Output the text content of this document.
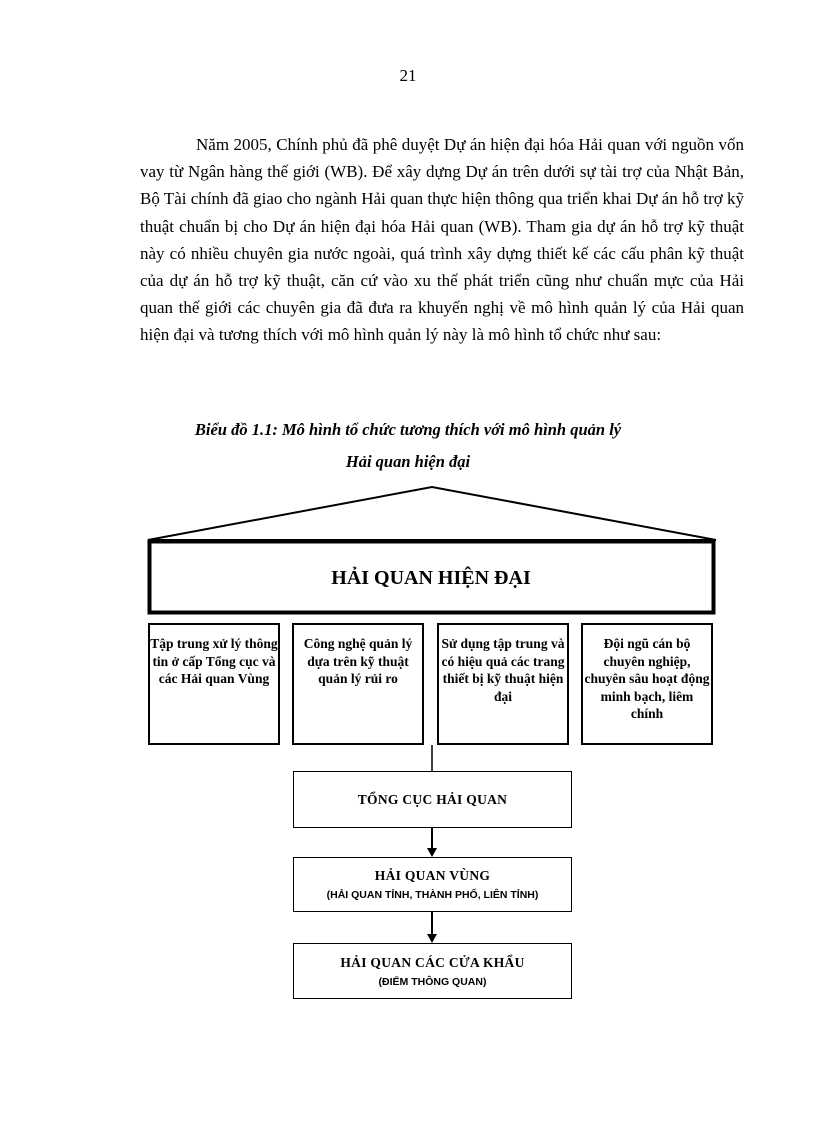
21

Năm 2005, Chính phủ đã phê duyệt Dự án hiện đại hóa Hải quan với nguồn vốn vay từ Ngân hàng thế giới (WB). Để xây dựng Dự án trên dưới sự tài trợ của Nhật Bản, Bộ Tài chính đã giao cho ngành Hải quan thực hiện thông qua triển khai Dự án hỗ trợ kỹ thuật chuẩn bị cho Dự án hiện đại hóa Hải quan (WB). Tham gia dự án hỗ trợ kỹ thuật này có nhiều chuyên gia nước ngoài, quá trình xây dựng thiết kế các cấu phân kỹ thuật của dự án hỗ trợ kỹ thuật, căn cứ vào xu thế phát triển cũng như chuẩn mực của Hải quan thế giới các chuyên gia đã đưa ra khuyến nghị về mô hình quản lý của Hải quan hiện đại và tương thích với mô hình quản lý này là mô hình tổ chức như sau:

Biểu đồ 1.1: Mô hình tổ chức tương thích với mô hình quản lý
Hải quan hiện đại
HẢI QUAN HIỆN ĐẠI
Tập trung xử lý thông tin ở cấp Tổng cục và các Hải quan Vùng
Công nghệ quản lý dựa trên kỹ thuật quản lý rủi ro
Sử dụng tập trung và có hiệu quả các trang thiết bị kỹ thuật hiện đại
Đội ngũ cán bộ chuyên nghiệp, chuyên sâu hoạt động minh bạch, liêm chính
TỔNG CỤC HẢI QUAN
HẢI QUAN VÙNG
(HẢI QUAN TỈNH, THÀNH PHỐ, LIÊN TỈNH)
HẢI QUAN CÁC CỬA KHẨU
(ĐIỂM THÔNG QUAN)
